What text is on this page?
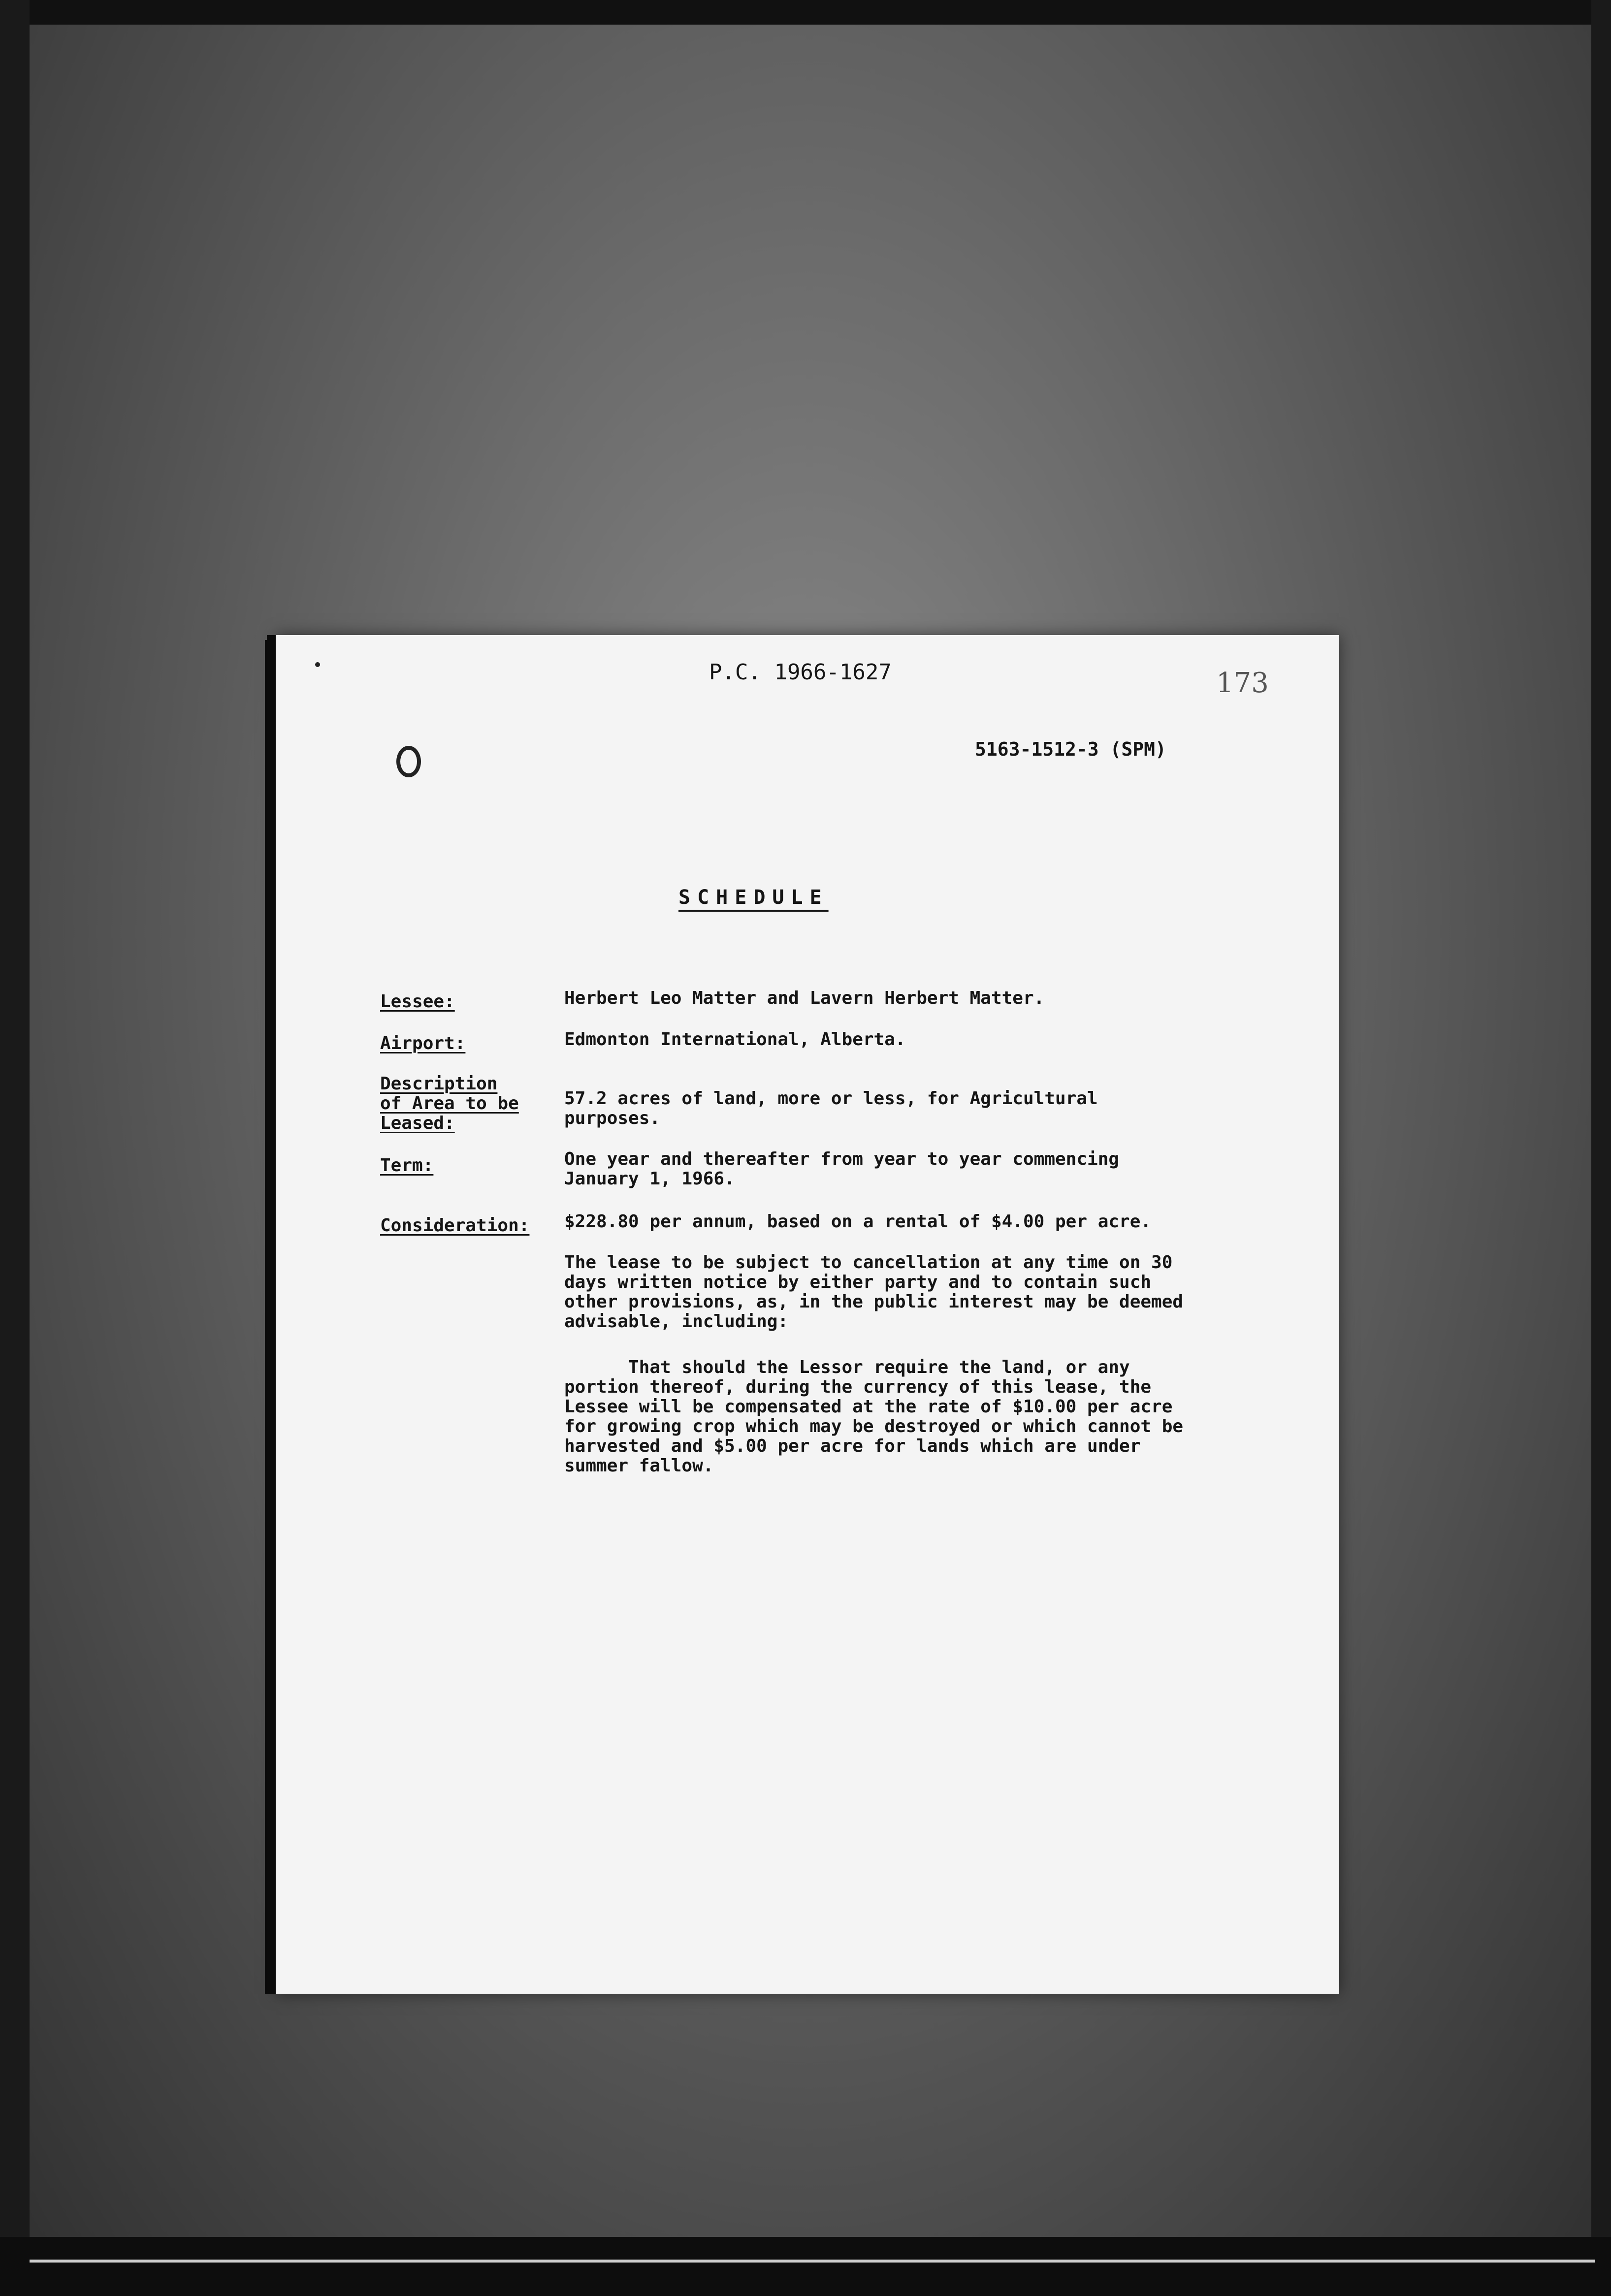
P.C. 1966-1627	173
5163-1512-3 (SPM)
SCHEDULE
Lessee:	Herbert Leo Matter and Lavern Herbert Matter.
Airport:	Edmonton International, Alberta.
Description
of Area to be
Leased:
57.2 acres of land, more or less, for Agricultural purposes.
Term:	One year and thereafter from year to year commencing January 1, 1966.
Consideration: $228.80 per annum, based on a rental of $4.00 per acre.
The lease to be subject to cancellation at any time on 30 days written notice by either party and to contain such other provisions, as, in the public interest may be deemed advisable, including:
That should the Lessor require the land, or any portion thereof, during the currency of this lease, the Lessee will be compensated at the rate of $10.00 per acre for growing crop which may be destroyed or which cannot be harvested and $5.00 per acre for lands which are under summer fallow.
